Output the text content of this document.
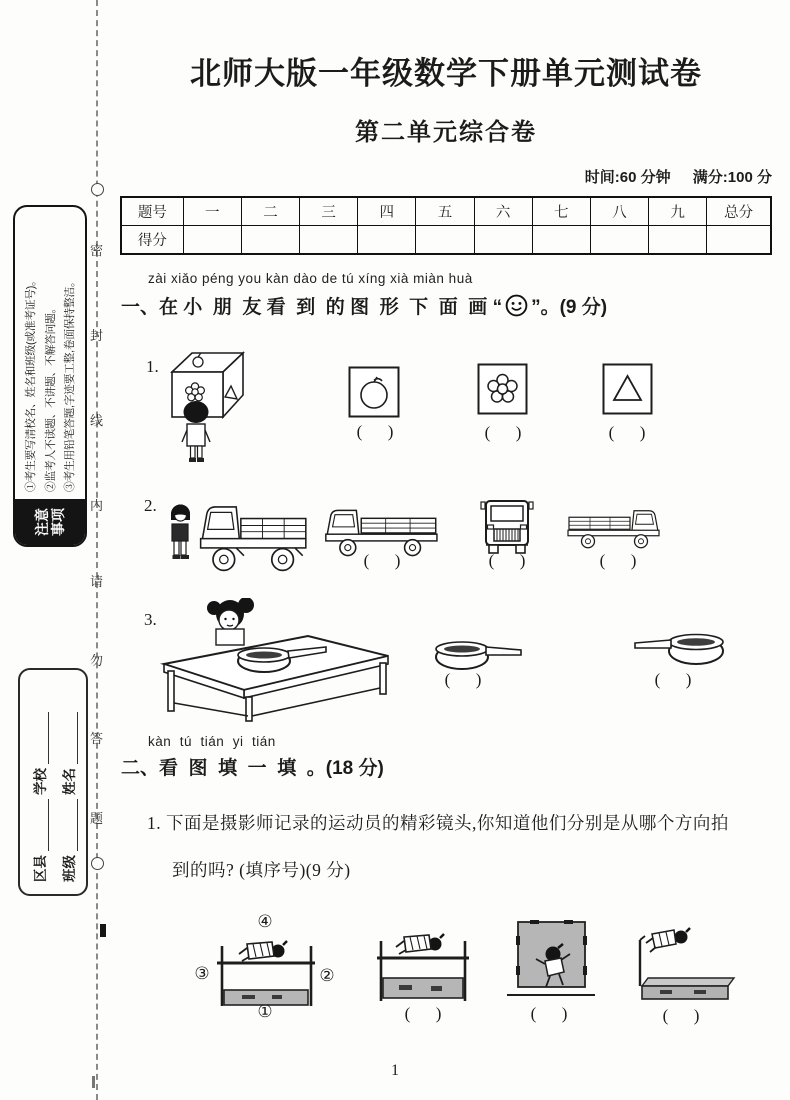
密
封
线
内
请
勿
答
题
注意 事项
①考生要写清校名、姓名和班级(或准考证号)。 ②监考人不读题、不讲题、不解答问题。 ③考生用铅笔答题,字迹要工整,卷面保持整洁。
区县
学校
班级
姓名
北师大版一年级数学下册单元测试卷
第二单元综合卷
时间:60 分钟 满分:100 分
题号	一	二	三	四	五	六	七	八	九	总分
得分										
zài xiǎo péng you kàn dào de tú xíng xià miàn huà
一、在 小  朋  友 看  到  的 图  形  下  面  画 “ ”。(9 分)
1.
(      )	(      )	(      )
2.
(      )	(      )	(      )
3.
(      )	(      )
kàn  tú  tián  yi  tián
二、看  图  填  一  填  。(18 分)
1. 下面是摄影师记录的运动员的精彩镜头,你知道他们分别是从哪个方向拍
到的吗? (填序号)(9 分)
④
③	②
①	(      )	(      )	(      )
1
